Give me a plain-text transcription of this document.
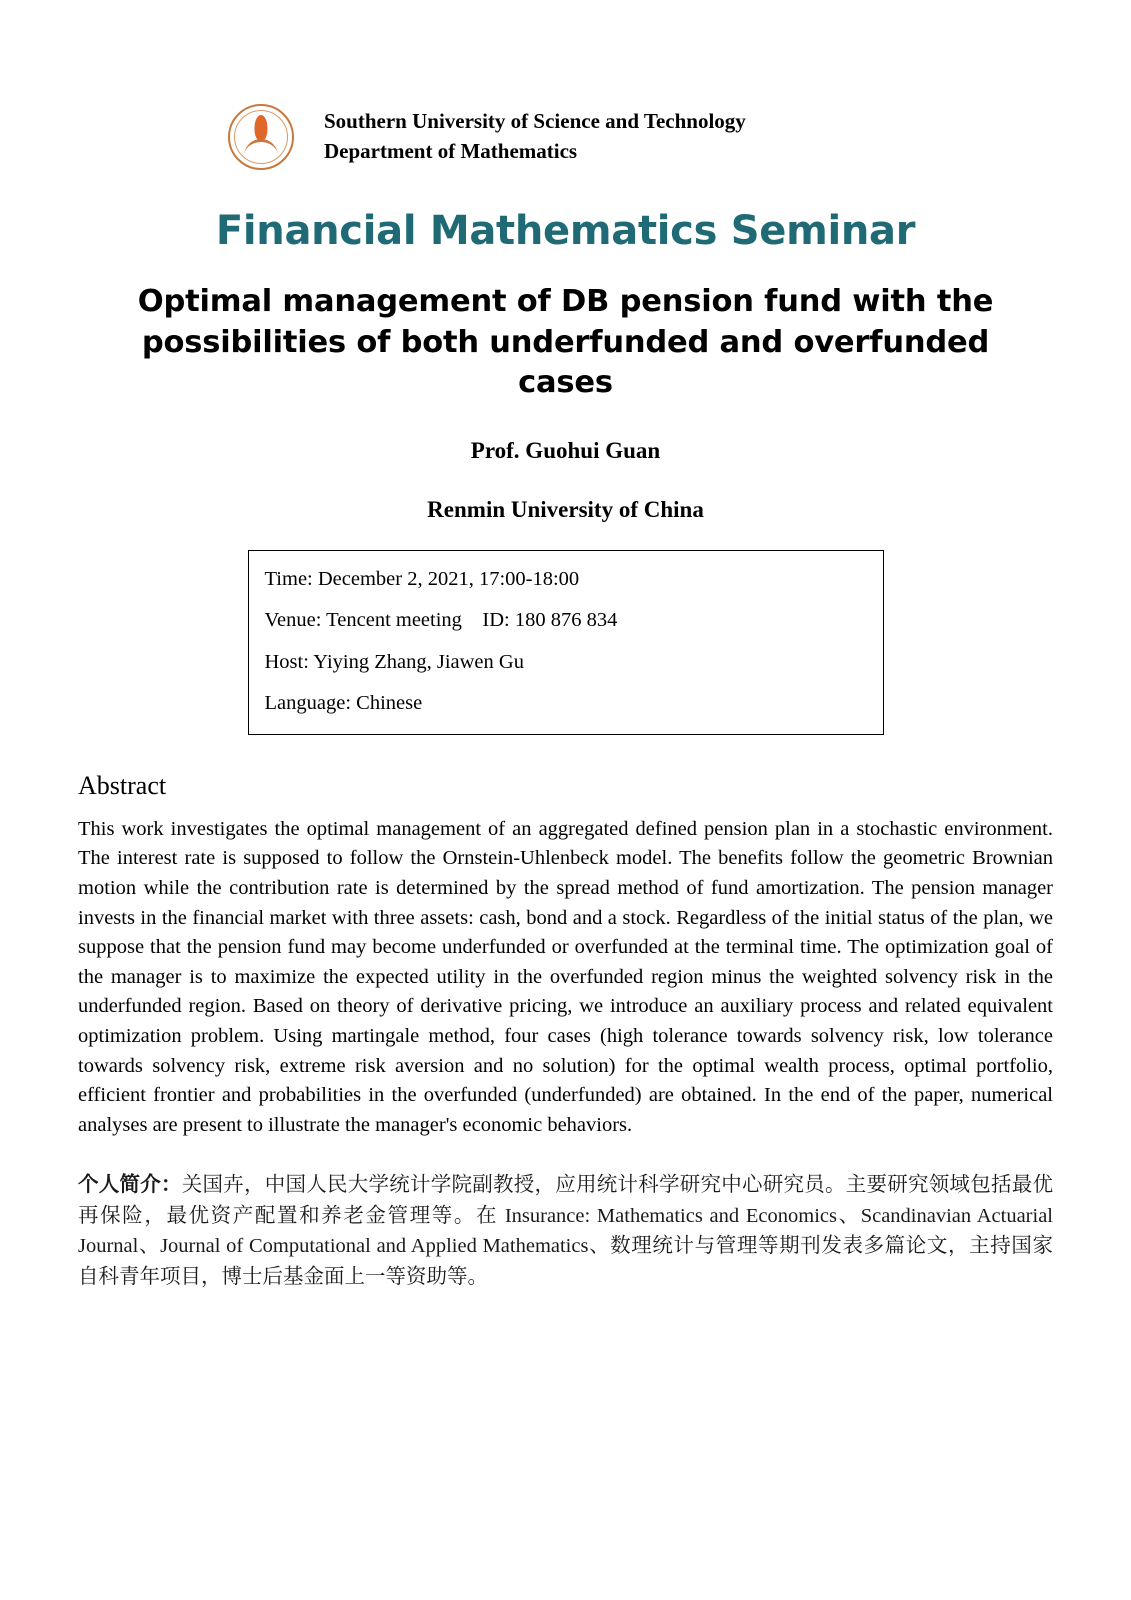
Southern University of Science and Technology
Department of Mathematics
Financial Mathematics Seminar
Optimal management of DB pension fund with the possibilities of both underfunded and overfunded cases
Prof. Guohui Guan
Renmin University of China

Time: December 2, 2021, 17:00-18:00

Venue: Tencent meeting    ID: 180 876 834

Host: Yiying Zhang, Jiawen Gu

Language: Chinese

Abstract

This work investigates the optimal management of an aggregated defined pension plan in a stochastic environment. The interest rate is supposed to follow the Ornstein-Uhlenbeck model. The benefits follow the geometric Brownian motion while the contribution rate is determined by the spread method of fund amortization. The pension manager invests in the financial market with three assets: cash, bond and a stock. Regardless of the initial status of the plan, we suppose that the pension fund may become underfunded or overfunded at the terminal time. The optimization goal of the manager is to maximize the expected utility in the overfunded region minus the weighted solvency risk in the underfunded region. Based on theory of derivative pricing, we introduce an auxiliary process and related equivalent optimization problem. Using martingale method, four cases (high tolerance towards solvency risk, low tolerance towards solvency risk, extreme risk aversion and no solution) for the optimal wealth process, optimal portfolio, efficient frontier and probabilities in the overfunded (underfunded) are obtained. In the end of the paper, numerical analyses are present to illustrate the manager's economic behaviors.

个人简介：关国卉，中国人民大学统计学院副教授，应用统计科学研究中心研究员。主要研究领域包括最优再保险，最优资产配置和养老金管理等。在 Insurance: Mathematics and Economics、Scandinavian Actuarial Journal、Journal of Computational and Applied Mathematics、数理统计与管理等期刊发表多篇论文，主持国家自科青年项目，博士后基金面上一等资助等。
